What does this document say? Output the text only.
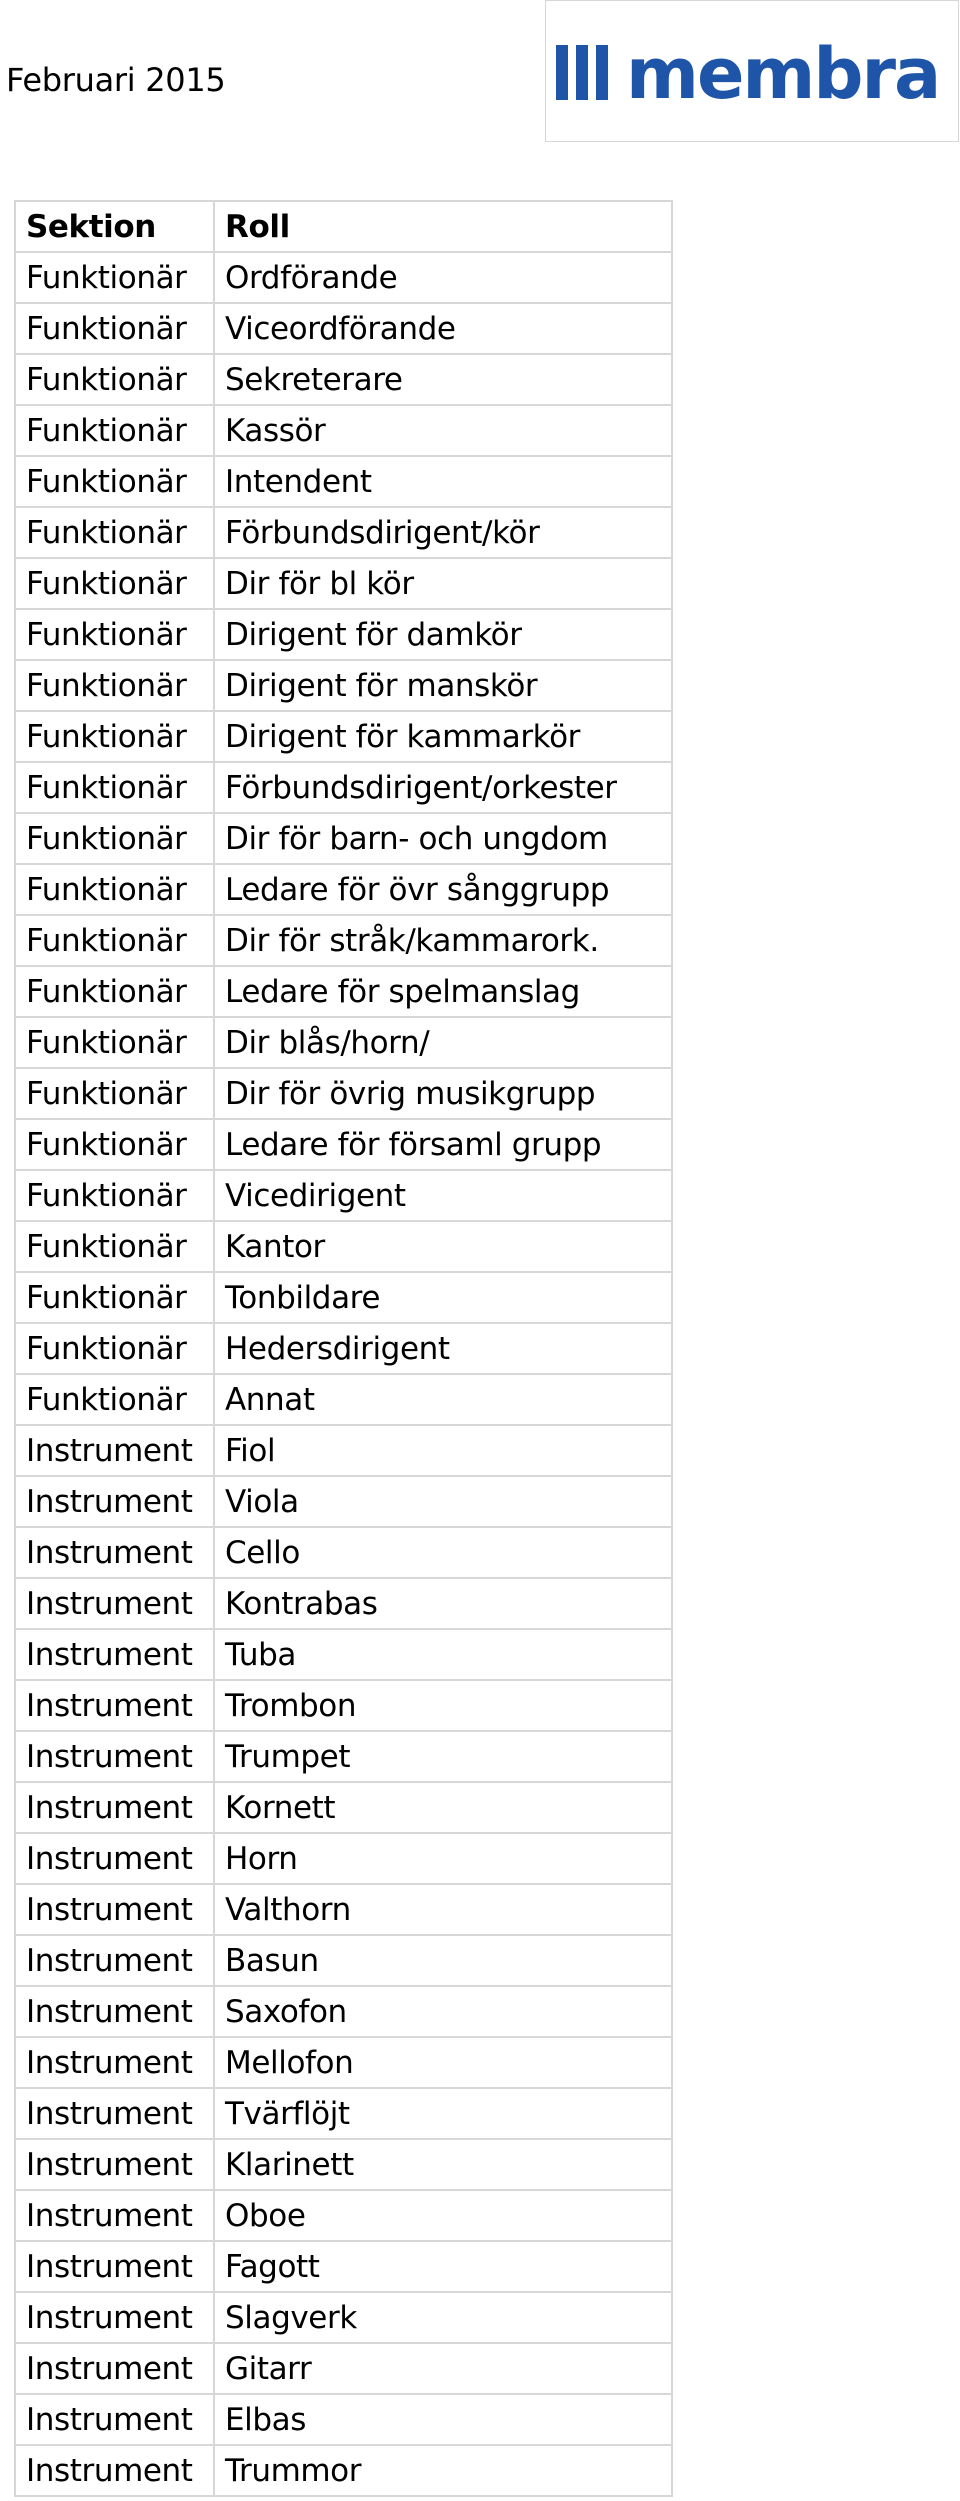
Februari 2015	membra
Sektion	Roll
Funktionär	Ordförande
Funktionär	Viceordförande
Funktionär	Sekreterare
Funktionär	Kassör
Funktionär	Intendent
Funktionär	Förbundsdirigent/kör
Funktionär	Dir för bl kör
Funktionär	Dirigent för damkör
Funktionär	Dirigent för manskör
Funktionär	Dirigent för kammarkör
Funktionär	Förbundsdirigent/orkester
Funktionär	Dir för barn- och ungdom
Funktionär	Ledare för övr sånggrupp
Funktionär	Dir för stråk/kammarork.
Funktionär	Ledare för spelmanslag
Funktionär	Dir blås/horn/
Funktionär	Dir för övrig musikgrupp
Funktionär	Ledare för församl grupp
Funktionär	Vicedirigent
Funktionär	Kantor
Funktionär	Tonbildare
Funktionär	Hedersdirigent
Funktionär	Annat
Instrument	Fiol
Instrument	Viola
Instrument	Cello
Instrument	Kontrabas
Instrument	Tuba
Instrument	Trombon
Instrument	Trumpet
Instrument	Kornett
Instrument	Horn
Instrument	Valthorn
Instrument	Basun
Instrument	Saxofon
Instrument	Mellofon
Instrument	Tvärflöjt
Instrument	Klarinett
Instrument	Oboe
Instrument	Fagott
Instrument	Slagverk
Instrument	Gitarr
Instrument	Elbas
Instrument	Trummor
